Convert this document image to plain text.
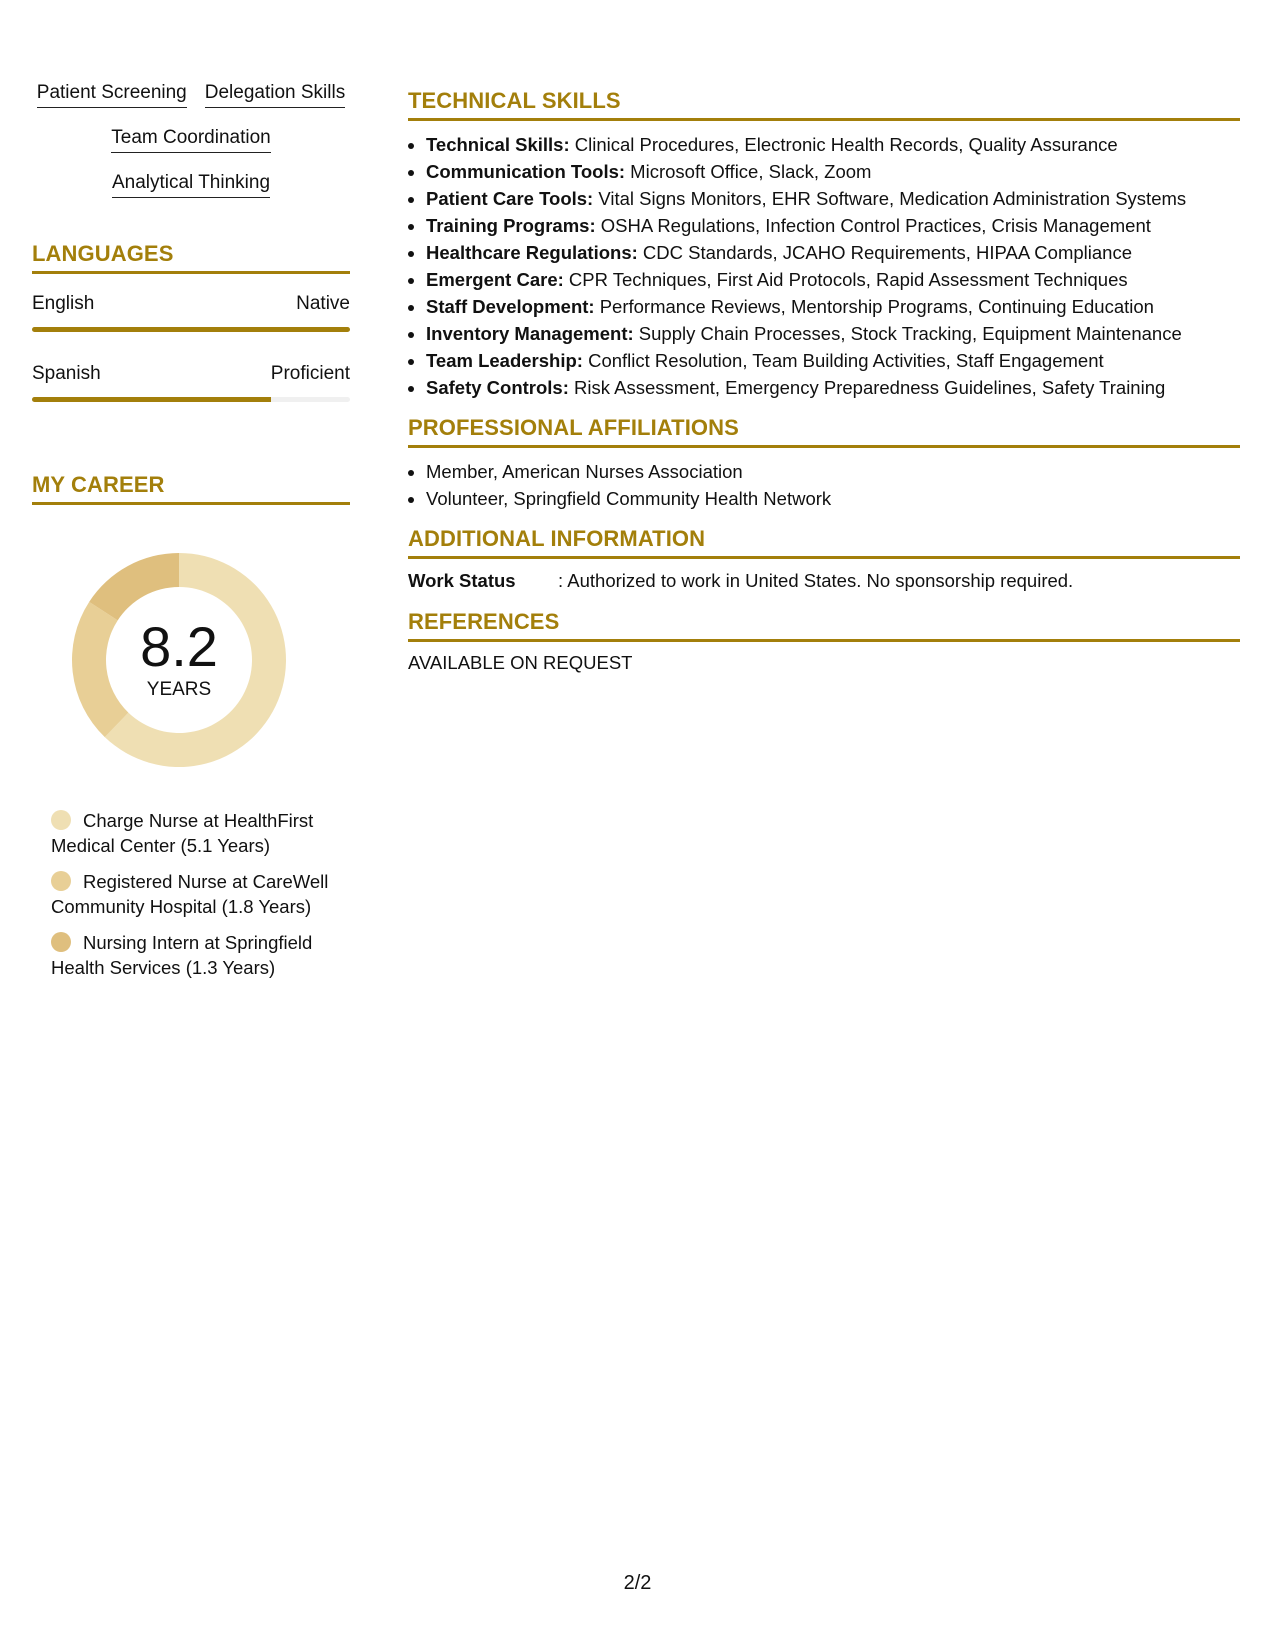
Patient Screening Delegation Skills
Team Coordination
Analytical Thinking
LANGUAGES
English	Native
Spanish	Proficient
MY CAREER
8.2
YEARS
Charge Nurse at HealthFirst Medical Center (5.1 Years)
Registered Nurse at CareWell Community Hospital (1.8 Years)
Nursing Intern at Springfield Health Services (1.3 Years)
TECHNICAL SKILLS
• Technical Skills: Clinical Procedures, Electronic Health Records, Quality Assurance
• Communication Tools: Microsoft Office, Slack, Zoom
• Patient Care Tools: Vital Signs Monitors, EHR Software, Medication Administration Systems
• Training Programs: OSHA Regulations, Infection Control Practices, Crisis Management
• Healthcare Regulations: CDC Standards, JCAHO Requirements, HIPAA Compliance
• Emergent Care: CPR Techniques, First Aid Protocols, Rapid Assessment Techniques
• Staff Development: Performance Reviews, Mentorship Programs, Continuing Education
• Inventory Management: Supply Chain Processes, Stock Tracking, Equipment Maintenance
• Team Leadership: Conflict Resolution, Team Building Activities, Staff Engagement
• Safety Controls: Risk Assessment, Emergency Preparedness Guidelines, Safety Training
PROFESSIONAL AFFILIATIONS
• Member, American Nurses Association
• Volunteer, Springfield Community Health Network
ADDITIONAL INFORMATION
Work Status	: Authorized to work in United States. No sponsorship required.
REFERENCES
AVAILABLE ON REQUEST
2/2
